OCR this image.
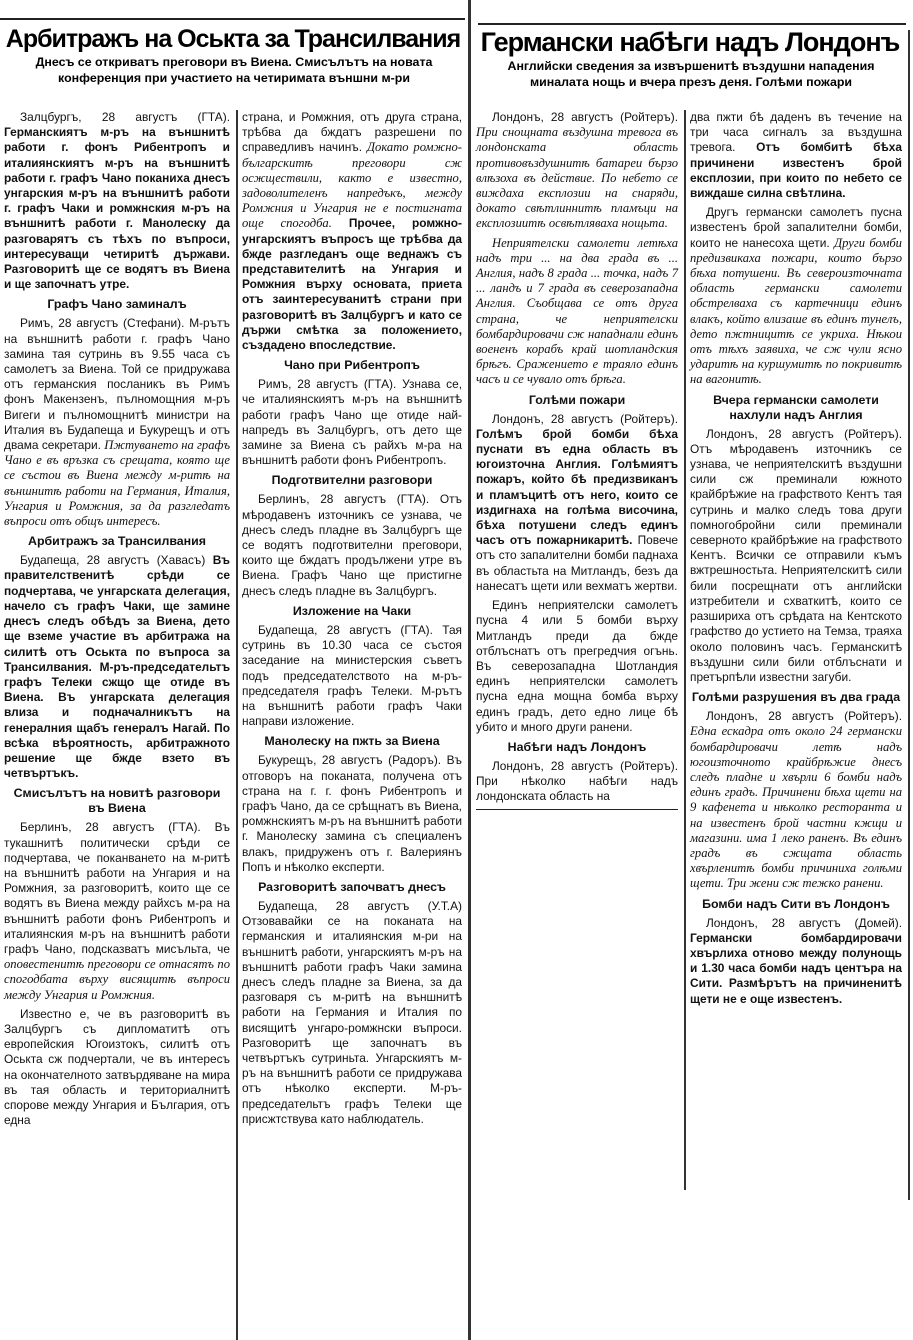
Арбитражъ на Оськта за Трансилвания
Днесъ се откриватъ преговори въ Виена. Смисълътъ на новата конференция при участието на четиримата външни м-ри
Германски набѣги надъ Лондонъ
Английски сведения за извършенитѣ въздушни нападения миналата нощь и вчера презъ деня. Голѣми пожари

Залцбургъ, 28 августъ (ГТА). Германскиятъ м-ръ на външнитѣ работи г. фонъ Рибентропъ и италиянскиятъ м-ръ на външнитѣ работи г. графъ Чано поканиха днесъ унгарския м-ръ на външнитѣ работи г. графъ Чаки и ромжнския м-ръ на външнитѣ работи г. Манолеску да разговарятъ съ тѣхъ по въпроси, интересуващи четиритѣ държави. Разговоритѣ ще се водятъ въ Виена и ще започнатъ утре.

Графъ Чано заминалъ

Римъ, 28 августъ (Стефани). М-рътъ на външнитѣ работи г. графъ Чано замина тая сутринь въ 9.55 часа съ самолетъ за Виена. Той се придружава отъ германския посланикъ въ Римъ фонъ Макензенъ, пълномощния м-ръ Вигеги и пълномощнитѣ министри на Италия въ Будапеща и Букурещъ и отъ двама секретари. Пжтуването на графъ Чано е въ връзка съ срещата, която ще се състои въ Виена между м-ритѣ на външнитѣ работи на Германия, Италия, Унгария и Ромжния, за да разгледатъ въпроси отъ общъ интересъ.

Арбитражъ за Трансилвания

Будапеща, 28 августъ (Хавасъ) Въ правителственитѣ срѣди се подчертава, че унгарската делегация, начело съ графъ Чаки, ще замине днесъ следъ обѣдъ за Виена, дето ще вземе участие въ арбитража на силитѣ отъ Оськта по въпроса за Трансилвания. М-ръ-председательтъ графъ Телеки сжщо ще отиде въ Виена. Въ унгарската делегация влиза и подначалникътъ на генералния щабъ генералъ Нагай. По всѣка вѣроятность, арбитражното решение ще бжде взето въ четвъртъкъ.

Смисълътъ на новитѣ разговори въ Виена

Берлинъ, 28 августъ (ГТА). Въ тукашнитѣ политически срѣди се подчертава, че поканването на м-ритѣ на външнитѣ работи на Унгария и на Ромжния, за разговоритѣ, които ще се водятъ въ Виена между райхсъ м-ра на външнитѣ работи фонъ Рибентропъ и италиянския м-ръ на външнитѣ работи графъ Чано, подсказватъ мисъльта, че оповестенитѣ преговори се отнасятъ по спогодбата върху висящитѣ въпроси между Унгария и Ромжния.

Известно е, че въ разговоритѣ въ Залцбургъ съ дипломатитѣ отъ европейския Югоизтокъ, силитѣ отъ Оськта сж подчертали, че въ интересъ на окончателното затвърдяване на мира въ тая область и териториалнитѣ спорове между Унгария и България, отъ една

страна, и Ромжния, отъ друга страна, трѣбва да бждатъ разрешени по справедливъ начинъ. Докато ромжно-българскитѣ преговори сж осжществили, както е известно, задоволителенъ напредъкъ, между Ромжния и Унгария не е постигната още спогодба. Прочее, ромжно-унгарскиятъ въпросъ ще трѣбва да бжде разгледанъ още веднажъ съ представителитѣ на Унгария и Ромжния върху основата, приета отъ заинтересуванитѣ страни при разговоритѣ въ Залцбургъ и като се държи смѣтка за положението, създадено впоследствие.

Чано при Рибентропъ

Римъ, 28 августъ (ГТА). Узнава се, че италиянскиятъ м-ръ на външнитѣ работи графъ Чано ще отиде най-напредъ въ Залцбургъ, отъ дето ще замине за Виена съ райхъ м-ра на външнитѣ работи фонъ Рибентропъ.

Подготвителни разговори

Берлинъ, 28 августъ (ГТА). Отъ мѣродавенъ източникъ се узнава, че днесъ следъ пладне въ Залцбургъ ще се водятъ подготвителни преговори, които ще бждатъ продължени утре въ Виена. Графъ Чано ще пристигне днесъ следъ пладне въ Залцбургъ.

Изложение на Чаки

Будапеща, 28 августъ (ГТА). Тая сутринь въ 10.30 часа се състоя заседание на министерския съветъ подъ председателството на м-ръ-председателя графъ Телеки. М-рътъ на външнитѣ работи графъ Чаки направи изложение.

Манолеску на пжть за Виена

Букурещъ, 28 августъ (Радоръ). Въ отговоръ на поканата, получена отъ страна на г. г. фонъ Рибентропъ и графъ Чано, да се срѣщнатъ въ Виена, ромжнскиятъ м-ръ на външнитѣ работи г. Манолеску замина съ специаленъ влакъ, придруженъ отъ г. Валериянъ Попъ и нѣколко експерти.

Разговоритѣ започватъ днесъ

Будапеща, 28 августъ (У.Т.А) Отзовавайки се на поканата на германския и италиянския м-ри на външнитѣ работи, унгарскиятъ м-ръ на външнитѣ работи графъ Чаки замина днесъ следъ пладне за Виена, за да разговаря съ м-ритѣ на външнитѣ работи на Германия и Италия по висящитѣ унгаро-ромжнски въпроси. Разговоритѣ ще започнатъ въ четвъртъкъ сутриньта. Унгарскиятъ м-ръ на външнитѣ работи се придружава отъ нѣколко експерти. М-ръ-председательтъ графъ Телеки ще присжтствува като наблюдатель.

Лондонъ, 28 августъ (Ройтеръ). При снощната въздушна тревога въ лондонската область противовъздушнитѣ батареи бързо влѣзоха въ действие. По небето се виждаха експлозии на снаряди, докато свѣтлиннитѣ пламъци на експлозиитѣ освѣтляваха нощьта.

Неприятелски самолети летѣха надъ три ... на два града въ ... Англия, надъ 8 града ... точка, надъ 7 ... ландъ и 7 града въ северозападна Англия. Съобщава се отъ друга страна, че неприятелски бомбардировачи сж нападнали единъ воененъ корабъ край шотландския брѣгъ. Сражението е траяло единъ часъ и се чувало отъ брѣга.

Голѣми пожари

Лондонъ, 28 августъ (Ройтеръ). Голѣмъ брой бомби бѣха пуснати въ една область въ югоизточна Англия. Голѣмиятъ пожаръ, който бѣ предизвиканъ и пламъцитѣ отъ него, които се издигнаха на голѣма височина, бѣха потушени следъ единъ часъ отъ пожарникаритѣ. Повече отъ сто запалителни бомби паднаха въ областьта на Митландъ, безъ да нанесатъ щети или вехматъ жертви.

Единъ неприятелски самолетъ пусна 4 или 5 бомби върху Митландъ преди да бжде отблъснатъ отъ прегредчия огънь. Въ северозападна Шотландия единъ неприятелски самолетъ пусна една мощна бомба върху единъ градъ, дето едно лице бѣ убито и много други ранени.

Набѣги надъ Лондонъ

Лондонъ, 28 августъ (Ройтеръ). При нѣколко набѣги надъ лондонската область на

два пжти бѣ даденъ въ течение на три часа сигналъ за въздушна тревога. Отъ бомбитѣ бѣха причинени известенъ брой експлозии, при които по небето се виждаше силна свѣтлина.

Другъ германски самолетъ пусна известенъ брой запалителни бомби, които не нанесоха щети. Други бомби предизвикаха пожари, които бързо бѣха потушени. Въ североизточната область германски самолети обстрелваха съ картечници единъ влакъ, който влизаше въ единъ тунелъ, дето пжтницитѣ се укриха. Нѣкои отъ тѣхъ заявиха, че сж чули ясно ударитѣ на куршумитѣ по покривитѣ на вагонитѣ.

Вчера германски самолети нахлули надъ Англия

Лондонъ, 28 августъ (Ройтеръ). Отъ мѣродавенъ източникъ се узнава, че неприятелскитѣ въздушни сили сж преминали южното крайбрѣжие на графството Кентъ тая сутринь и малко следъ това други помногобройни сили преминали северното крайбрѣжие на графството Кентъ. Всички се отправили къмъ вжтрешностьта. Неприятелскитѣ сили били посрещнати отъ английски изтребители и схваткитѣ, които се разшириха отъ срѣдата на Кентското графство до устието на Темза, траяха около половинъ часъ. Германскитѣ въздушни сили били отблъснати и претърпѣли известни загуби.

Голѣми разрушения въ два града

Лондонъ, 28 августъ (Ройтеръ). Една ескадра отъ около 24 германски бомбардировачи летѣ надъ югоизточното крайбрѣжие днесъ следъ пладне и хвърли 6 бомби надъ единъ градъ. Причинени бѣха щети на 9 кафенета и нѣколко ресторанта и на известенъ брой частни кжщи и магазини. има 1 леко раненъ. Въ единъ градъ въ сжщата область хвърленитѣ бомби причиниха голѣми щети. Три жени сж тежко ранени.

Бомби надъ Сити въ Лондонъ

Лондонъ, 28 августъ (Домей). Германски бомбардировачи хвърлиха отново между полунощь и 1.30 часа бомби надъ центъра на Сити. Размѣрътъ на причиненитѣ щети не е още известенъ.
